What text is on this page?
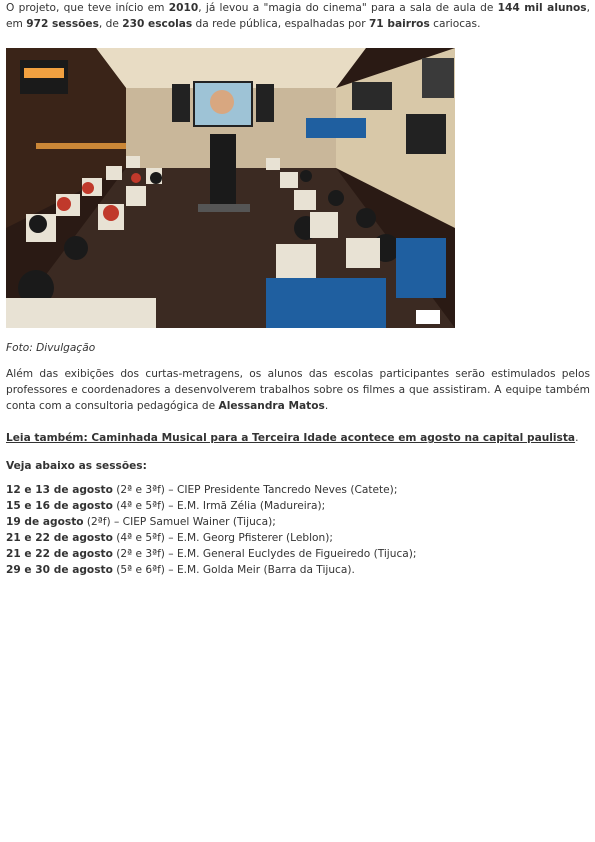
O projeto, que teve início em 2010, já levou a "magia do cinema" para a sala de aula de 144 mil alunos, em 972 sessões, de 230 escolas da rede pública, espalhadas por 71 bairros cariocas.

Foto: Divulgação

Além das exibições dos curtas-metragens, os alunos das escolas participantes serão estimulados pelos professores e coordenadores a desenvolverem trabalhos sobre os filmes a que assistiram. A equipe também conta com a consultoria pedagógica de Alessandra Matos.

Leia também: Caminhada Musical para a Terceira Idade acontece em agosto na capital paulista.

Veja abaixo as sessões:

12 e 13 de agosto (2ª e 3ªf) – CIEP Presidente Tancredo Neves (Catete);
15 e 16 de agosto (4ª e 5ªf) – E.M. Irmã Zélia (Madureira);
19 de agosto (2ªf) – CIEP Samuel Wainer (Tijuca);
21 e 22 de agosto (4ª e 5ªf) – E.M. Georg Pfisterer (Leblon);
21 e 22 de agosto (2ª e 3ªf) – E.M. General Euclydes de Figueiredo (Tijuca);
29 e 30 de agosto (5ª e 6ªf) – E.M. Golda Meir (Barra da Tijuca).
